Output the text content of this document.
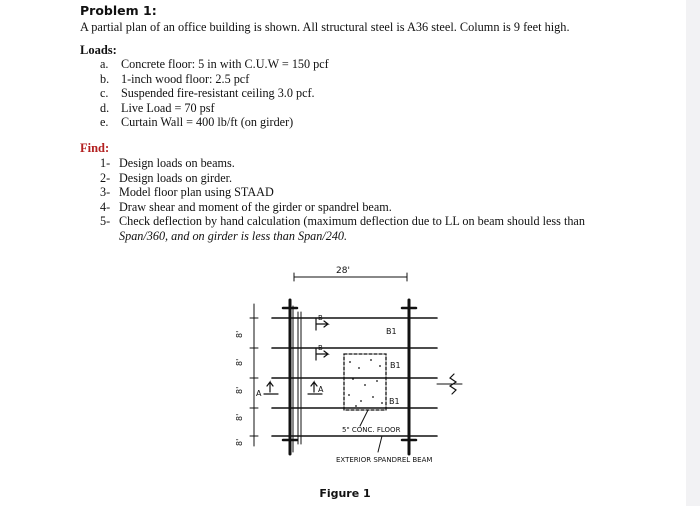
Problem 1:
A partial plan of an office building is shown. All structural steel is A36 steel. Column is 9 feet high.
Loads:
a. Concrete floor: 5 in with C.U.W = 150 pcf
b. 1-inch wood floor: 2.5 pcf
c. Suspended fire-resistant ceiling 3.0 pcf.
d. Live Load = 70 psf
e. Curtain Wall = 400 lb/ft (on girder)
Find:
1- Design loads on beams.
2- Design loads on girder.
3- Model floor plan using STAAD
4- Draw shear and moment of the girder or spandrel beam.
5- Check deflection by hand calculation (maximum deflection due to LL on beam should less than
Span/360, and on girder is less than Span/240.
28'
8'
8'
8'
8'
8'
B1
B1
B1
B
B
A	A
5" CONC. FLOOR
EXTERIOR SPANDREL BEAM
Figure 1
